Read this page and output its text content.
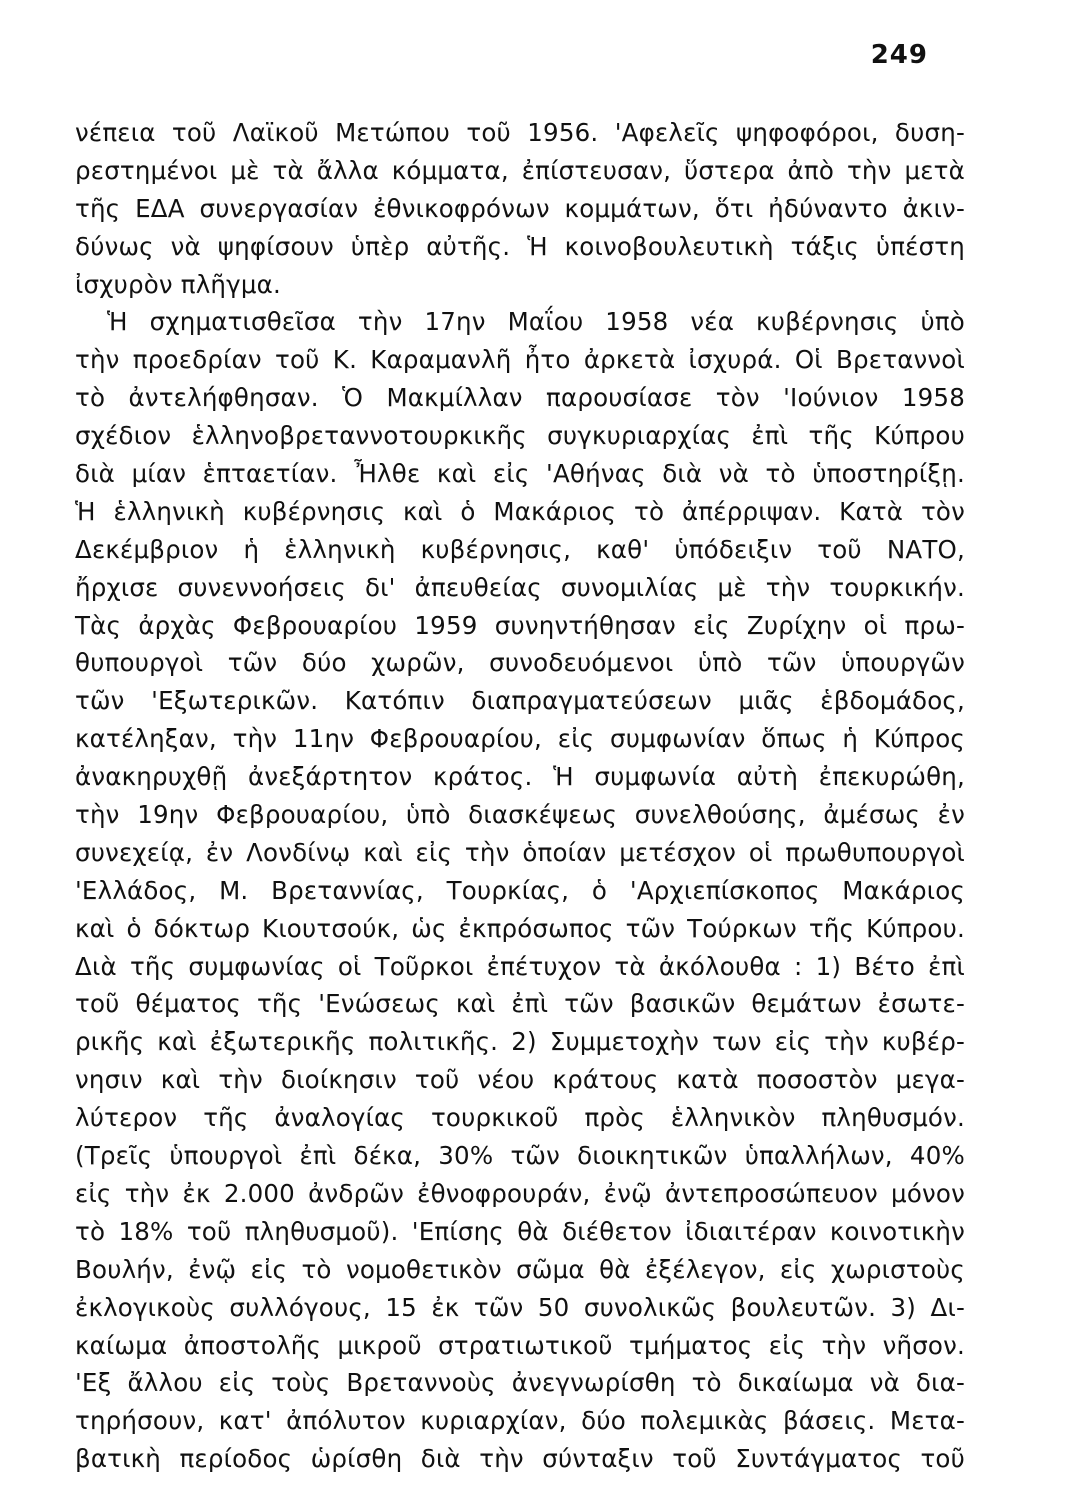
249
νέπεια τοῦ Λαϊκοῦ Μετώπου τοῦ 1956. 'Αφελεῖς ψηφοφόροι, δυση-
ρεστημένοι μὲ τὰ ἄλλα κόμματα, ἐπίστευσαν, ὕστερα ἀπὸ τὴν μετὰ
τῆς ΕΔΑ συνεργασίαν ἐθνικοφρόνων κομμάτων, ὅτι ἠδύναντο ἀκιν-
δύνως νὰ ψηφίσουν ὑπὲρ αὐτῆς. Ἡ κοινοβουλευτικὴ τάξις ὑπέστη
ἰσχυρὸν πλῆγμα.
Ἡ σχηματισθεῖσα τὴν 17ην Μαΐου 1958 νέα κυβέρνησις ὑπὸ
τὴν προεδρίαν τοῦ Κ. Καραμανλῆ ἦτο ἀρκετὰ ἰσχυρά. Οἱ Βρεταννοὶ
τὸ ἀντελήφθησαν. Ὁ Μακμίλλαν παρουσίασε τὸν 'Ιούνιον 1958
σχέδιον ἑλληνοβρεταννοτουρκικῆς συγκυριαρχίας ἐπὶ τῆς Κύπρου
διὰ μίαν ἑπταετίαν. Ἦλθε καὶ εἰς 'Αθήνας διὰ νὰ τὸ ὑποστηρίξῃ.
Ἡ ἑλληνικὴ κυβέρνησις καὶ ὁ Μακάριος τὸ ἀπέρριψαν. Κατὰ τὸν
Δεκέμβριον ἡ ἑλληνικὴ κυβέρνησις, καθ' ὑπόδειξιν τοῦ ΝΑΤΟ,
ἤρχισε συνεννοήσεις δι' ἀπευθείας συνομιλίας μὲ τὴν τουρκικήν.
Τὰς ἀρχὰς Φεβρουαρίου 1959 συνηντήθησαν εἰς Ζυρίχην οἱ πρω-
θυπουργοὶ τῶν δύο χωρῶν, συνοδευόμενοι ὑπὸ τῶν ὑπουργῶν
τῶν 'Εξωτερικῶν. Κατόπιν διαπραγματεύσεων μιᾶς ἑβδομάδος,
κατέληξαν, τὴν 11ην Φεβρουαρίου, εἰς συμφωνίαν ὅπως ἡ Κύπρος
ἀνακηρυχθῇ ἀνεξάρτητον κράτος. Ἡ συμφωνία αὐτὴ ἐπεκυρώθη,
τὴν 19ην Φεβρουαρίου, ὑπὸ διασκέψεως συνελθούσης, ἀμέσως ἐν
συνεχείᾳ, ἐν Λονδίνῳ καὶ εἰς τὴν ὁποίαν μετέσχον οἱ πρωθυπουργοὶ
'Ελλάδος, Μ. Βρεταννίας, Τουρκίας, ὁ 'Αρχιεπίσκοπος Μακάριος
καὶ ὁ δόκτωρ Κιουτσούκ, ὡς ἐκπρόσωπος τῶν Τούρκων τῆς Κύπρου.
Διὰ τῆς συμφωνίας οἱ Τοῦρκοι ἐπέτυχον τὰ ἀκόλουθα : 1) Βέτο ἐπὶ
τοῦ θέματος τῆς 'Ενώσεως καὶ ἐπὶ τῶν βασικῶν θεμάτων ἐσωτε-
ρικῆς καὶ ἐξωτερικῆς πολιτικῆς. 2) Συμμετοχὴν των εἰς τὴν κυβέρ-
νησιν καὶ τὴν διοίκησιν τοῦ νέου κράτους κατὰ ποσοστὸν μεγα-
λύτερον τῆς ἀναλογίας τουρκικοῦ πρὸς ἑλληνικὸν πληθυσμόν.
(Τρεῖς ὑπουργοὶ ἐπὶ δέκα, 30% τῶν διοικητικῶν ὑπαλλήλων, 40%
εἰς τὴν ἐκ 2.000 ἀνδρῶν ἐθνοφρουράν, ἐνῷ ἀντεπροσώπευον μόνον
τὸ 18% τοῦ πληθυσμοῦ). 'Επίσης θὰ διέθετον ἰδιαιτέραν κοινοτικὴν
Βουλήν, ἐνῷ εἰς τὸ νομοθετικὸν σῶμα θὰ ἐξέλεγον, εἰς χωριστοὺς
ἐκλογικοὺς συλλόγους, 15 ἐκ τῶν 50 συνολικῶς βουλευτῶν. 3) Δι-
καίωμα ἀποστολῆς μικροῦ στρατιωτικοῦ τμήματος εἰς τὴν νῆσον.
'Εξ ἄλλου εἰς τοὺς Βρεταννοὺς ἀνεγνωρίσθη τὸ δικαίωμα νὰ δια-
τηρήσουν, κατ' ἀπόλυτον κυριαρχίαν, δύο πολεμικὰς βάσεις. Μετα-
βατικὴ περίοδος ὡρίσθη διὰ τὴν σύνταξιν τοῦ Συντάγματος τοῦ
